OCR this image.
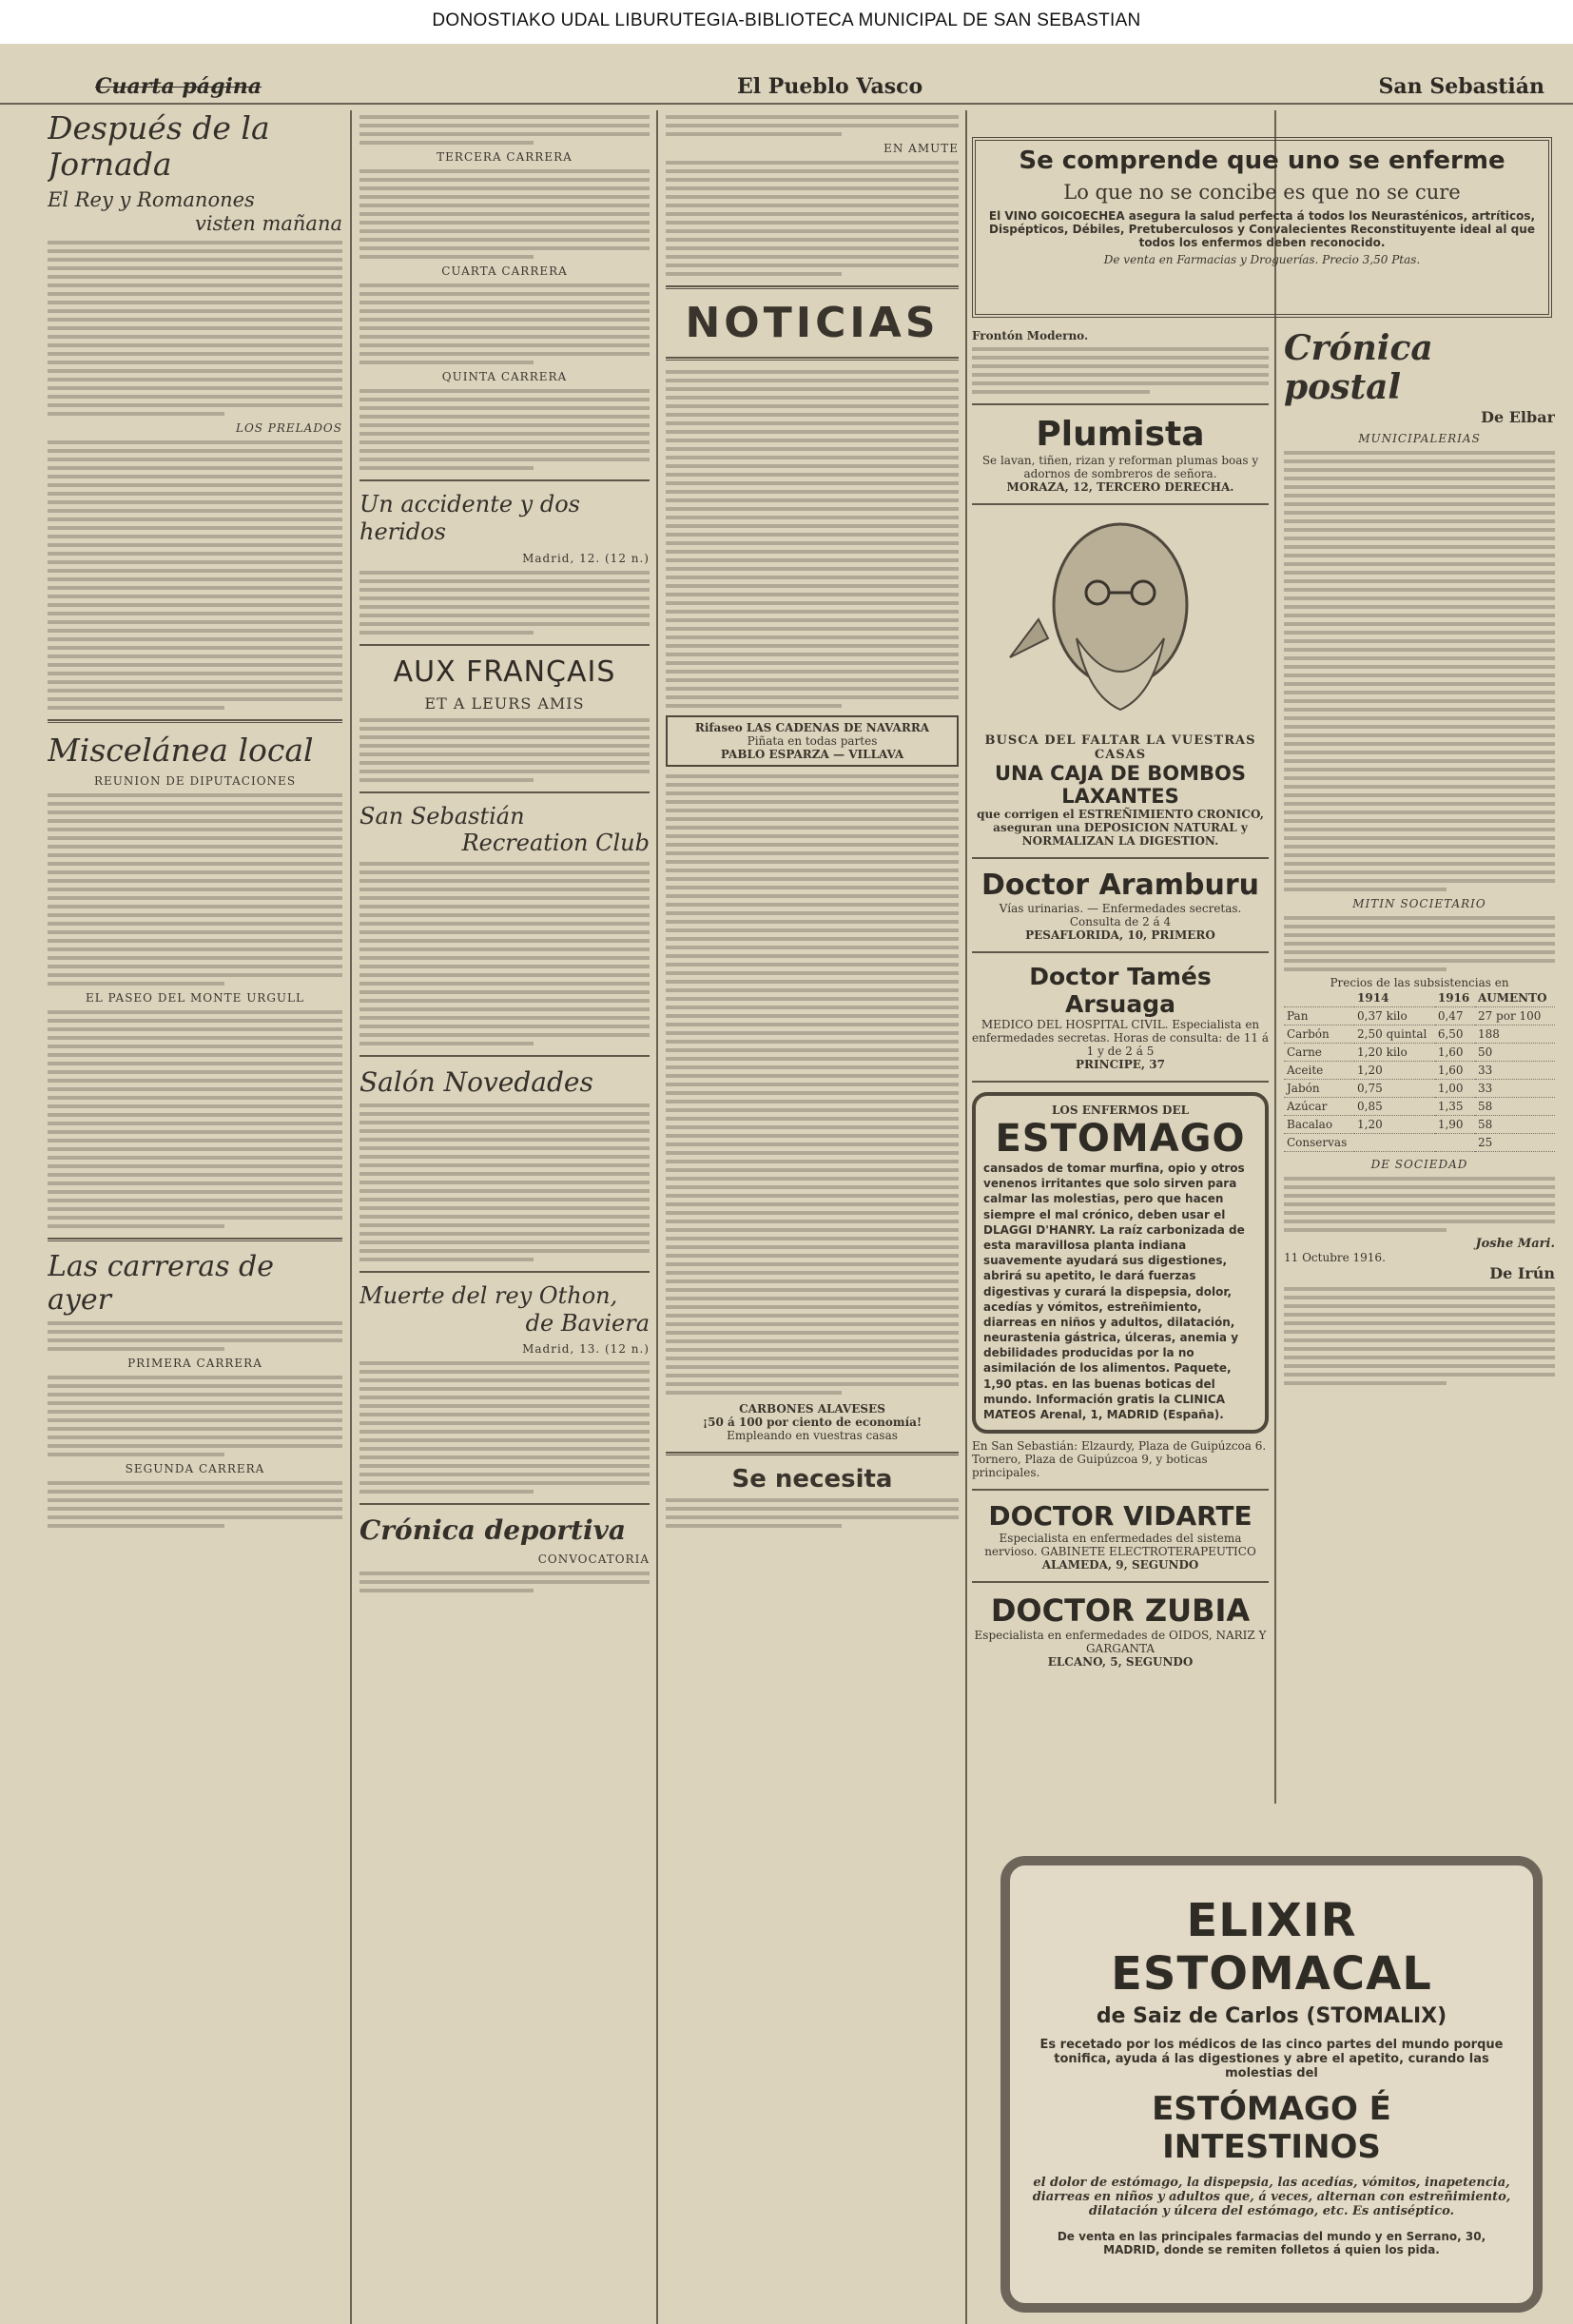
DONOSTIAKO UDAL LIBURUTEGIA-BIBLIOTECA MUNICIPAL DE SAN SEBASTIAN
Cuarta página	El Pueblo Vasco	San Sebastián
Después de la Jornada
El Rey y Romanones
visten mañana
LOS PRELADOS
Miscelánea local
REUNION DE DIPUTACIONES
EL PASEO DEL MONTE URGULL
Las carreras de ayer
PRIMERA CARRERA
SEGUNDA CARRERA
TERCERA CARRERA
CUARTA CARRERA
QUINTA CARRERA
Un accidente y dos heridos
Madrid, 12. (12 n.)
AUX FRANÇAIS
ET A LEURS AMIS
San Sebastián
Recreation Club
Salón Novedades
Muerte del rey Othon,
de Baviera
Madrid, 13. (12 n.)
Crónica deportiva
CONVOCATORIA
EN AMUTE
NOTICIAS
Rifaseo LAS CADENAS DE NAVARRA
Piñata en todas partes
PABLO ESPARZA — VILLAVA
CARBONES ALAVESES
¡50 á 100 por ciento de economía!
Empleando en vuestras casas
Se necesita
Se comprende que uno se enferme
Lo que no se concibe es que no se cure
El VINO GOICOECHEA asegura la salud perfecta á todos los Neurasténicos, artríticos, Dispépticos, Débiles, Pretuberculosos y Convalecientes Reconstituyente ideal al que todos los enfermos deben reconocido.
De venta en Farmacias y Droguerías. Precio 3,50 Ptas.
Frontón Moderno.
Plumista
Se lavan, tiñen, rizan y reforman plumas boas y adornos de sombreros de señora.
MORAZA, 12, TERCERO DERECHA.
BUSCA DEL FALTAR LA VUESTRAS CASAS
UNA CAJA DE BOMBOS LAXANTES
que corrigen el ESTREÑIMIENTO CRONICO, aseguran una DEPOSICION NATURAL y NORMALIZAN LA DIGESTION.
Doctor Aramburu
Vías urinarias. — Enfermedades secretas. Consulta de 2 á 4
PESAFLORIDA, 10, PRIMERO
Doctor Tamés Arsuaga
MEDICO DEL HOSPITAL CIVIL. Especialista en enfermedades secretas. Horas de consulta: de 11 á 1 y de 2 á 5
PRINCIPE, 37
LOS ENFERMOS DEL
ESTOMAGO
cansados de tomar murfina, opio y otros venenos irritantes que solo sirven para calmar las molestias, pero que hacen siempre el mal crónico, deben usar el DLAGGI D'HANRY. La raíz carbonizada de esta maravillosa planta indiana suavemente ayudará sus digestiones, abrirá su apetito, le dará fuerzas digestivas y curará la dispepsia, dolor, acedías y vómitos, estreñimiento, diarreas en niños y adultos, dilatación, neurastenia gástrica, úlceras, anemia y debilidades producidas por la no asimilación de los alimentos. Paquete, 1,90 ptas. en las buenas boticas del mundo. Información gratis la CLINICA MATEOS Arenal, 1, MADRID (España).
En San Sebastián: Elzaurdy, Plaza de Guipúzcoa 6. Tornero, Plaza de Guipúzcoa 9, y boticas principales.
DOCTOR VIDARTE
Especialista en enfermedades del sistema nervioso. GABINETE ELECTROTERAPEUTICO
ALAMEDA, 9, SEGUNDO
DOCTOR ZUBIA
Especialista en enfermedades de OIDOS, NARIZ Y GARGANTA
ELCANO, 5, SEGUNDO
Crónica postal
De Elbar
MUNICIPALERIAS
MITIN SOCIETARIO
Precios de las subsistencias en
	1914	1916	AUMENTO
Pan	0,37 kilo	0,47	27 por 100
Carbón	2,50 quintal	6,50	188
Carne	1,20 kilo	1,60	50
Aceite	1,20	1,60	33
Jabón	0,75	1,00	33
Azúcar	0,85	1,35	58
Bacalao	1,20	1,90	58
Conservas			25
DE SOCIEDAD
Joshe Mari.
11 Octubre 1916.
De Irún
ELIXIR ESTOMACAL
de Saiz de Carlos (STOMALIX)
Es recetado por los médicos de las cinco partes del mundo porque tonifica, ayuda á las digestiones y abre el apetito, curando las molestias del
ESTÓMAGO É
INTESTINOS
el dolor de estómago, la dispepsia, las acedías, vómitos, inapetencia, diarreas en niños y adultos que, á veces, alternan con estreñimiento, dilatación y úlcera del estómago, etc. Es antiséptico.
De venta en las principales farmacias del mundo y en Serrano, 30, MADRID, donde se remiten folletos á quien los pida.
